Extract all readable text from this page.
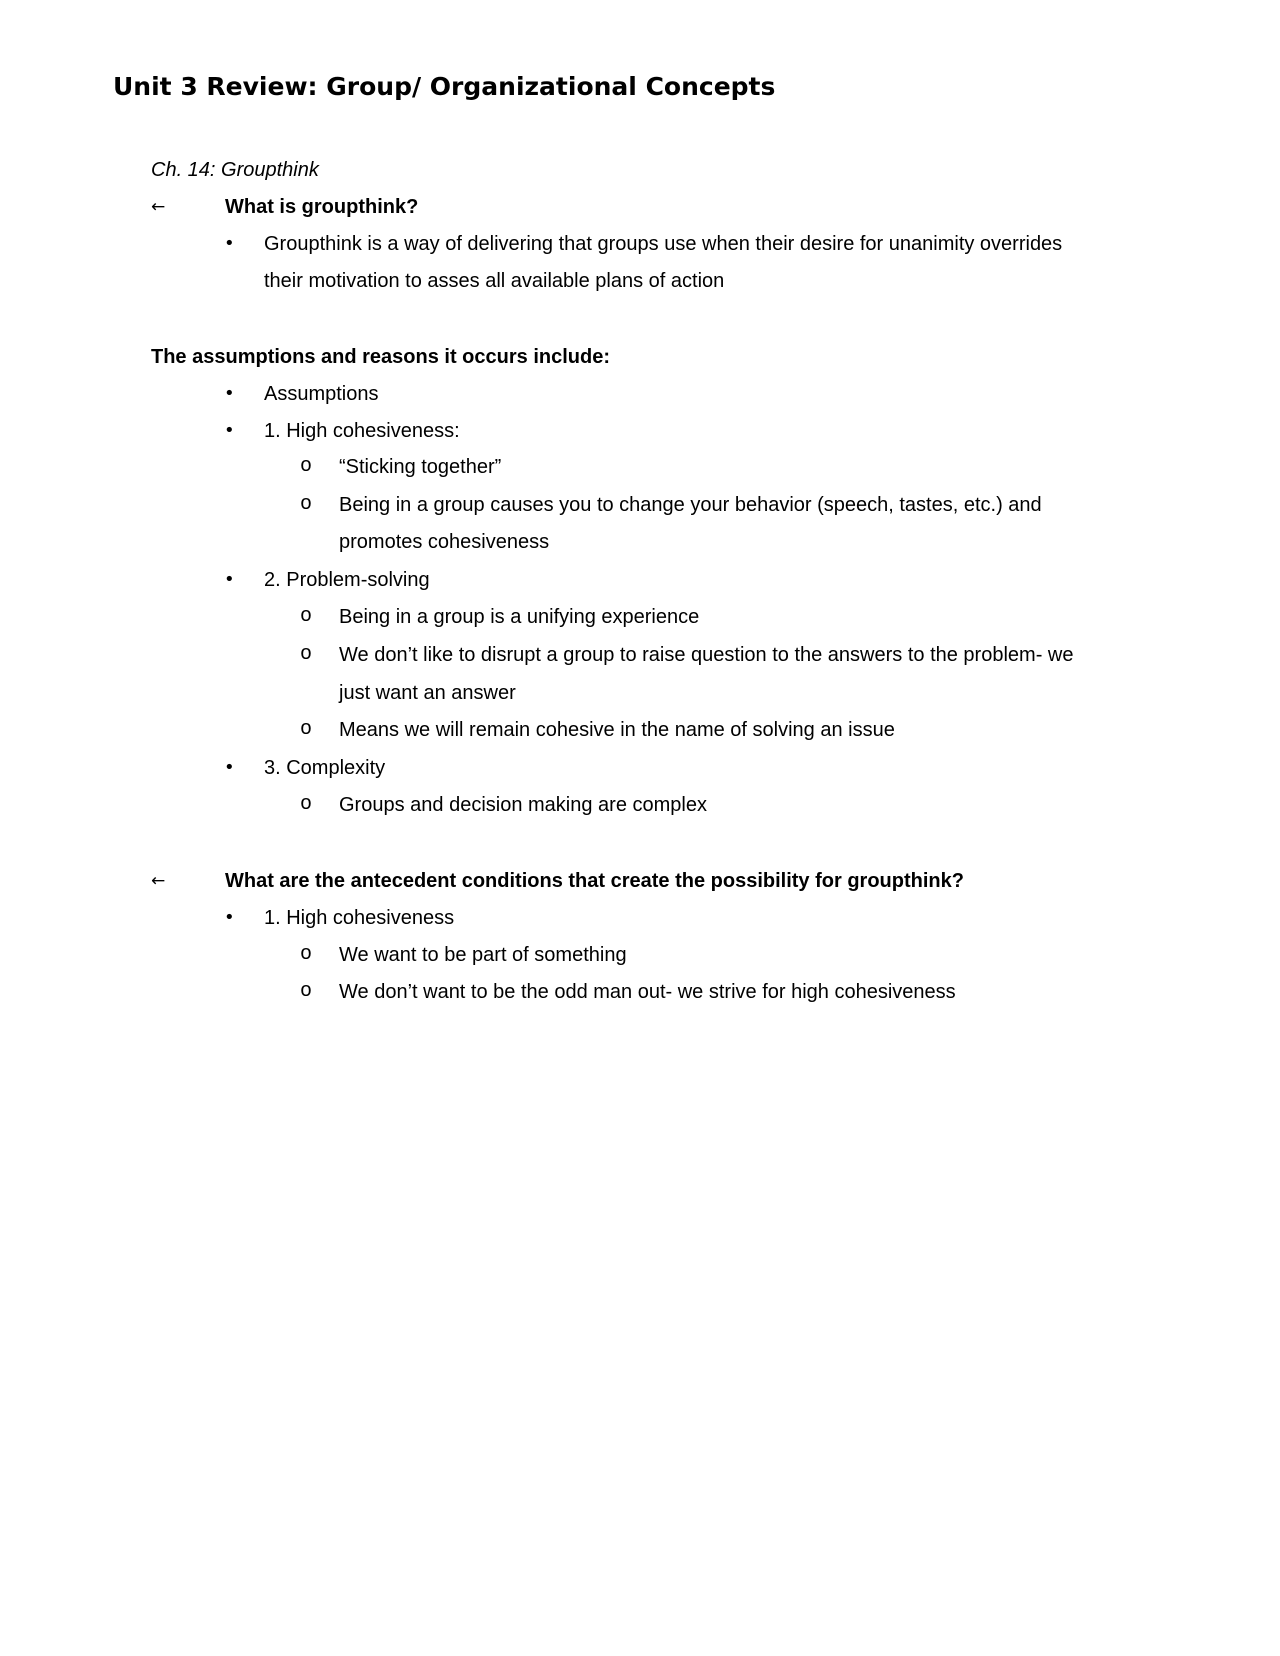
Unit 3 Review: Group/ Organizational Concepts
Ch. 14: Groupthink
←	What is groupthink?
• Groupthink is a way of delivering that groups use when their desire for unanimity overrides
their motivation to asses all available plans of action
The assumptions and reasons it occurs include:
• Assumptions
• 1. High cohesiveness:
o “Sticking together”
o Being in a group causes you to change your behavior (speech, tastes, etc.) and
promotes cohesiveness
• 2. Problem-solving
o Being in a group is a unifying experience
o We don’t like to disrupt a group to raise question to the answers to the problem- we
just want an answer
o Means we will remain cohesive in the name of solving an issue
• 3. Complexity
o Groups and decision making are complex
←	What are the antecedent conditions that create the possibility for groupthink?
• 1. High cohesiveness
o We want to be part of something
o We don’t want to be the odd man out- we strive for high cohesiveness
